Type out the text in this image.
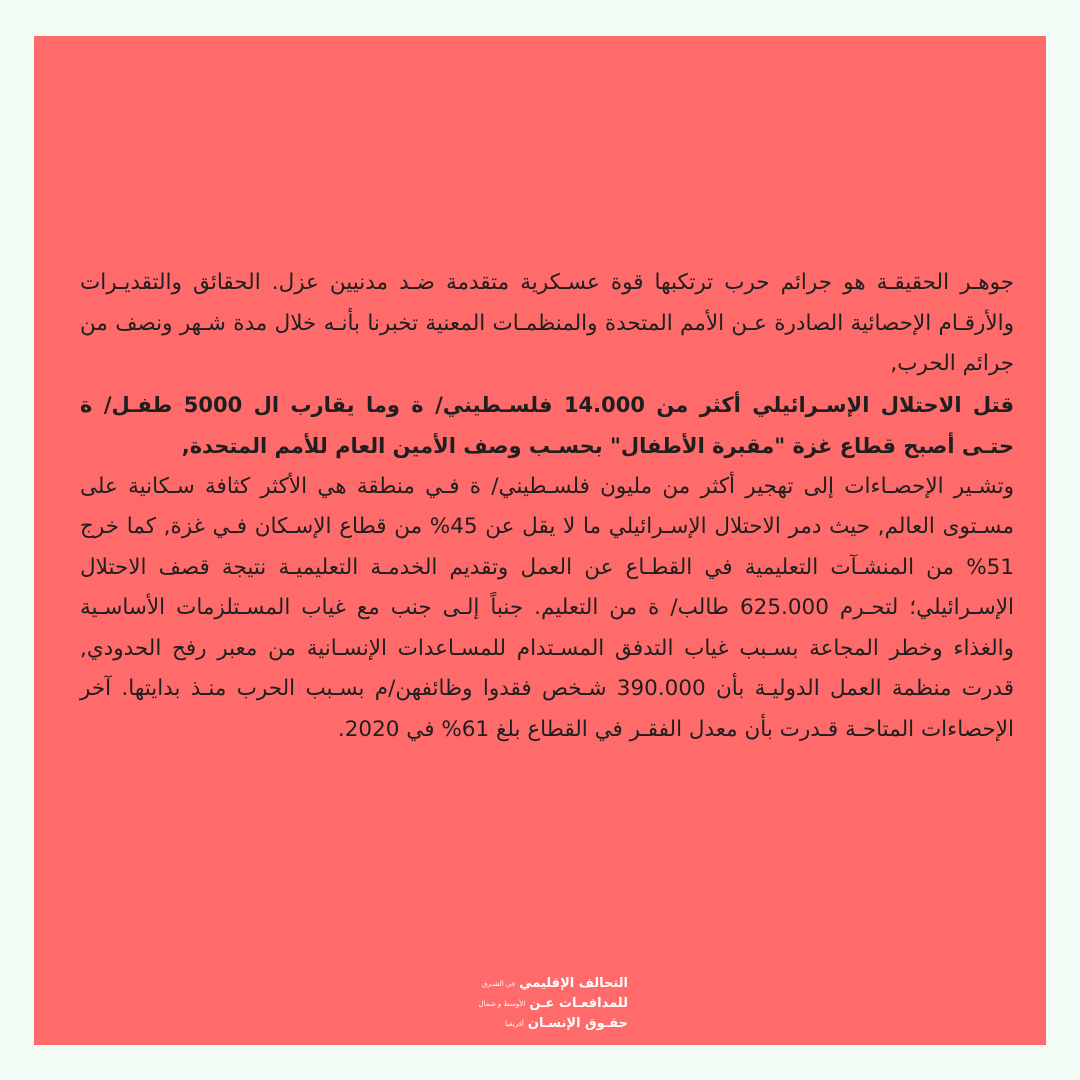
جوهـر الحقيقـة هو جرائم حرب ترتكبها قوة عسـكرية متقدمة ضـد مدنيين عزل. الحقائق والتقديـرات والأرقـام الإحصائية الصادرة عـن الأمم المتحدة والمنظمـات المعنية تخبرنا بأنـه خلال مدة شـهر ونصف من جرائم الحرب,

قتل الاحتلال الإسـرائيلي أكثر من 14.000 فلسـطيني/ ة وما يقارب ال 5000 طفـل/ ة حتـى أصبح قطاع غزة "مقبرة الأطفال" بحسـب وصف الأمين العام للأمم المتحدة,

وتشـير الإحصـاءات إلى تهجير أكثر من مليون فلسـطيني/ ة فـي منطقة هي الأكثر كثافة سـكانية على مسـتوى العالم, حيث دمر الاحتلال الإسـرائيلي ما لا يقل عن 45% من قطاع الإسـكان فـي غزة, كما خرج 51% من المنشـآت التعليمية في القطـاع عن العمل وتقديم الخدمـة التعليميـة نتيجة قصف الاحتلال الإسـرائيلي؛ لتحـرم 625.000 طالب/ ة من التعليم. جنباً إلـى جنب مع غياب المسـتلزمات الأساسـية والغذاء وخطر المجاعة بسـبب غياب التدفق المسـتدام للمسـاعدات الإنسـانية من معبر رفح الحدودي, قدرت منظمة العمل الدوليـة بأن 390.000 شـخص فقدوا وظائفهن/م بسـبب الحرب منـذ بدايتها. آخر الإحصاءات المتاحـة قـدرت بأن معدل الفقـر في القطاع بلغ 61% في 2020.

التحالف الإقليمي
في الشـرق
للمدافعـات عـن
الأوسط و شمال
حقـوق الإنسـان
أفريقيا
